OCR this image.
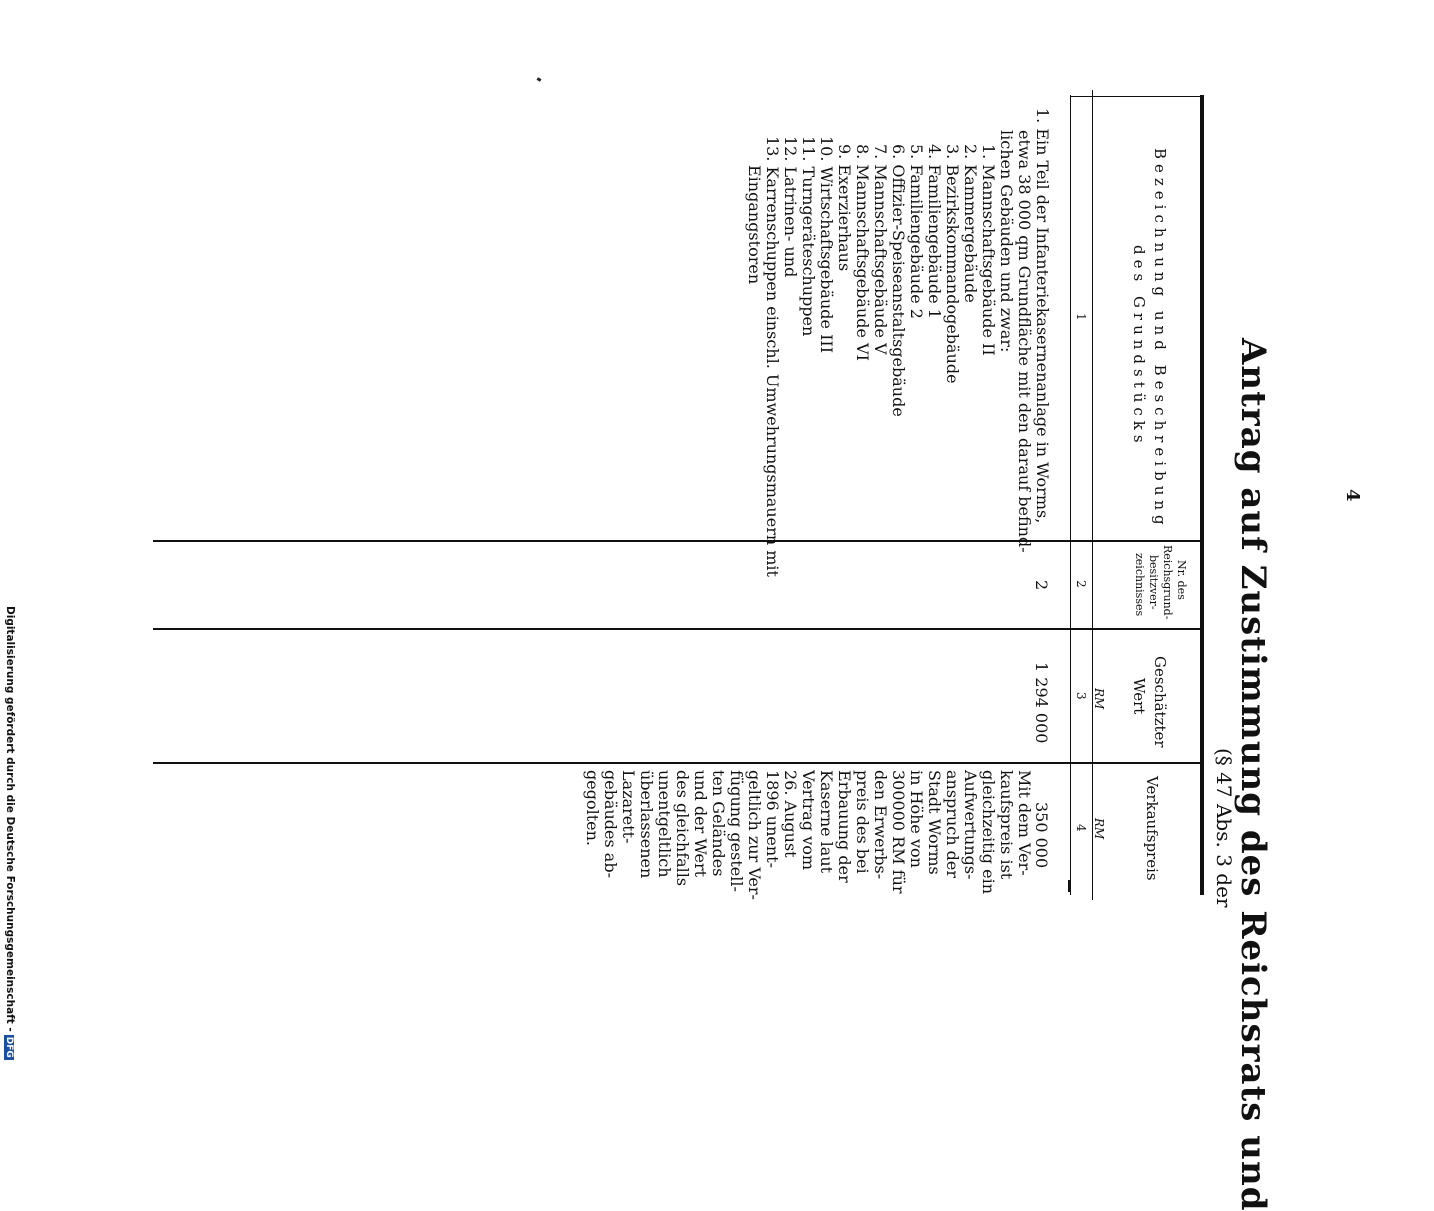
4
Antrag auf Zustimmung des Reichsrats und
(§ 47 Abs. 3 der
Bezeichnung und Beschreibung
des Grundstücks
1
Nr. des
Reichsgrund-
besitzver-
zeichnisses
2
Geschätzter
Wert
RM
3
Verkaufspreis
RM
4
1. Ein Teil der Infanteriekasernenanlage in Worms,
etwa 38 000 qm Grundfläche mit den darauf befind-
lichen Gebäuden und zwar:
1. Mannschaftsgebäude II
2. Kammergebäude
3. Bezirkskommandogebäude
4. Familiengebäude 1
5. Familiengebäude 2
6. Offizier-Speiseanstaltsgebäude
7. Mannschaftsgebäude V
8. Mannschaftsgebäude VI
9. Exerzierhaus
10. Wirtschaftsgebäude III
11. Turngeräteschuppen
12. Latrinen- und
13. Karrenschuppen einschl. Umwehrungsmauern mit
Eingangstoren
2
1 294 000
350 000
Mit dem Ver-
kaufspreis ist
gleichzeitig ein
Aufwertungs-
anspruch der
Stadt Worms
in Höhe von
300000 RM für
den Erwerbs-
preis des bei
Erbauung der
Kaserne laut
Vertrag vom
26. August
1896 unent-
geltlich zur Ver-
fügung gestell-
ten Geländes
und der Wert
des gleichfalls
unentgeltlich
überlassenen
Lazarett-
gebäudes ab-
gegolten.
Digitalisierung gefördert durch die Deutsche Forschungsgemeinschaft -DFG
